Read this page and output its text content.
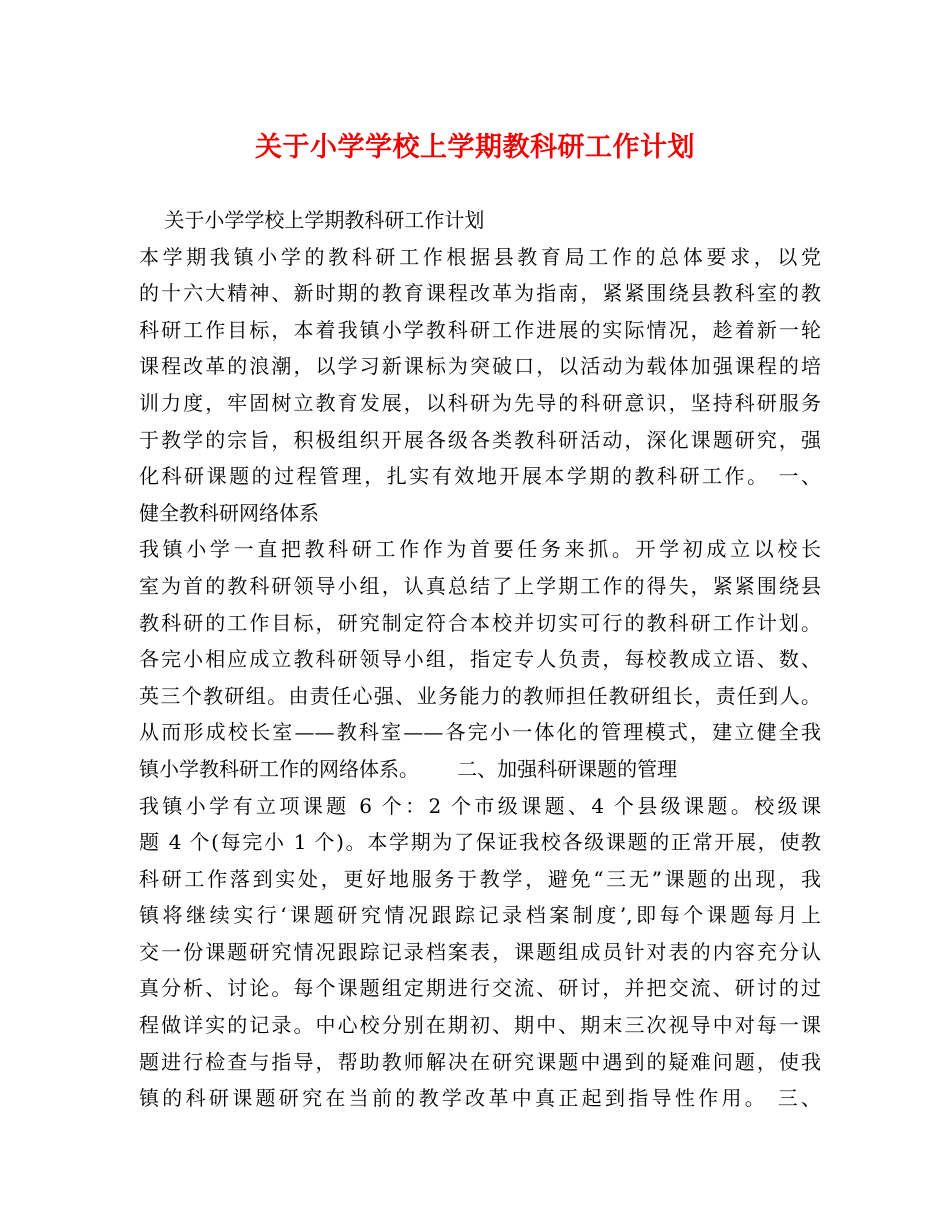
关于小学学校上学期教科研工作计划
关于小学学校上学期教科研工作计划
本学期我镇小学的教科研工作根据县教育局工作的总体要求，以党
的十六大精神、新时期的教育课程改革为指南，紧紧围绕县教科室的教
科研工作目标，本着我镇小学教科研工作进展的实际情况，趁着新一轮
课程改革的浪潮，以学习新课标为突破口，以活动为载体加强课程的培
训力度，牢固树立教育发展，以科研为先导的科研意识，坚持科研服务
于教学的宗旨，积极组织开展各级各类教科研活动，深化课题研究，强
化科研课题的过程管理，扎实有效地开展本学期的教科研工作。 一、
健全教科研网络体系
我镇小学一直把教科研工作作为首要任务来抓。开学初成立以校长
室为首的教科研领导小组，认真总结了上学期工作的得失，紧紧围绕县
教科研的工作目标，研究制定符合本校并切实可行的教科研工作计划。
各完小相应成立教科研领导小组，指定专人负责，每校教成立语、数、
英三个教研组。由责任心强、业务能力的教师担任教研组长，责任到人。
从而形成校长室——教科室——各完小一体化的管理模式，建立健全我
镇小学教科研工作的网络体系。      二、加强科研课题的管理
我镇小学有立项课题 6 个：2 个市级课题、4 个县级课题。校级课
题 4 个(每完小 1 个)。本学期为了保证我校各级课题的正常开展，使教
科研工作落到实处，更好地服务于教学，避免“三无”课题的出现，我
镇将继续实行‘课题研究情况跟踪记录档案制度’,即每个课题每月上
交一份课题研究情况跟踪记录档案表，课题组成员针对表的内容充分认
真分析、讨论。每个课题组定期进行交流、研讨，并把交流、研讨的过
程做详实的记录。中心校分别在期初、期中、期末三次视导中对每一课
题进行检查与指导，帮助教师解决在研究课题中遇到的疑难问题，使我
镇的科研课题研究在当前的教学改革中真正起到指导性作用。 三、
